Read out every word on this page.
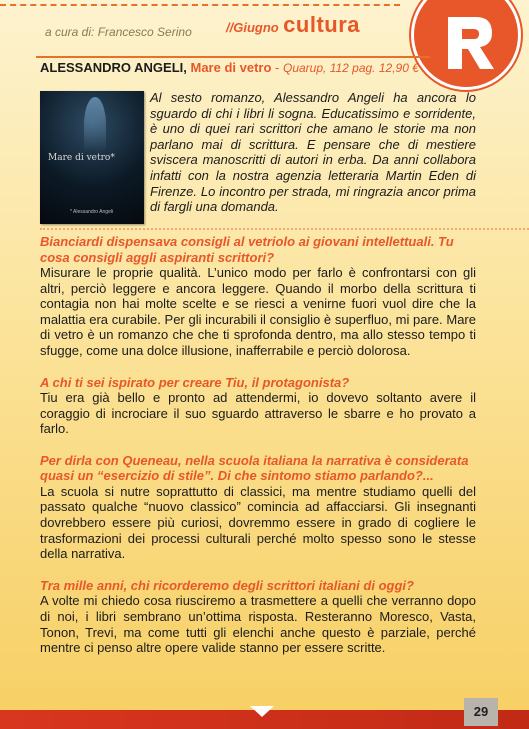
a cura di: Francesco Serino	//Giugno cultura
ALESSANDRO ANGELI, Mare di vetro - Quarup, 112 pag. 12,90 €
Mare di vetro*
* Alessandro Angeli
Al sesto romanzo, Alessandro Angeli ha ancora lo sguardo di chi i libri li sogna. Educatissimo e sorridente, è uno di quei rari scrittori che amano le storie ma non parlano mai di scrittura. E pensare che di mestiere sviscera manoscritti di autori in erba. Da anni collabora infatti con la nostra agenzia letteraria Martin Eden di Firenze. Lo incontro per strada, mi ringrazia ancor prima di fargli una domanda.

Bianciardi dispensava consigli al vetriolo ai giovani intellettuali. Tu cosa consigli aggli aspiranti scrittori?

Misurare le proprie qualità. L’unico modo per farlo è confrontarsi con gli altri, perciò leggere e ancora leggere. Quando il morbo della scrittura ti contagia non hai molte scelte e se riesci a venirne fuori vuol dire che la malattia era curabile. Per gli incurabili il consiglio è superfluo, mi pare. Mare di vetro è un romanzo che che ti sprofonda dentro, ma allo stesso tempo ti sfugge, come una dolce illusione, inafferrabile e perciò dolorosa.

A chi ti sei ispirato per creare Tiu, il protagonista?

Tiu era già bello e pronto ad attendermi, io dovevo soltanto avere il coraggio di incrociare il suo sguardo attraverso le sbarre e ho provato a farlo.

Per dirla con Queneau, nella scuola italiana la narrativa è considerata quasi un “esercizio di stile”. Di che sintomo stiamo parlando?...

La scuola si nutre soprattutto di classici, ma mentre studiamo quelli del passato qualche “nuovo classico” comincia ad affacciarsi. Gli insegnanti dovrebbero essere più curiosi, dovremmo essere in grado di cogliere le trasformazioni dei processi culturali perché molto spesso sono le stesse della narrativa.

Tra mille anni, chi ricorderemo degli scrittori italiani di oggi?

A volte mi chiedo cosa riusciremo a trasmettere a quelli che verranno dopo di noi, i libri sembrano un’ottima risposta. Resteranno Moresco, Vasta, Tonon, Trevi, ma come tutti gli elenchi anche questo è parziale, perché mentre ci penso altre opere valide stanno per essere scritte.

29
